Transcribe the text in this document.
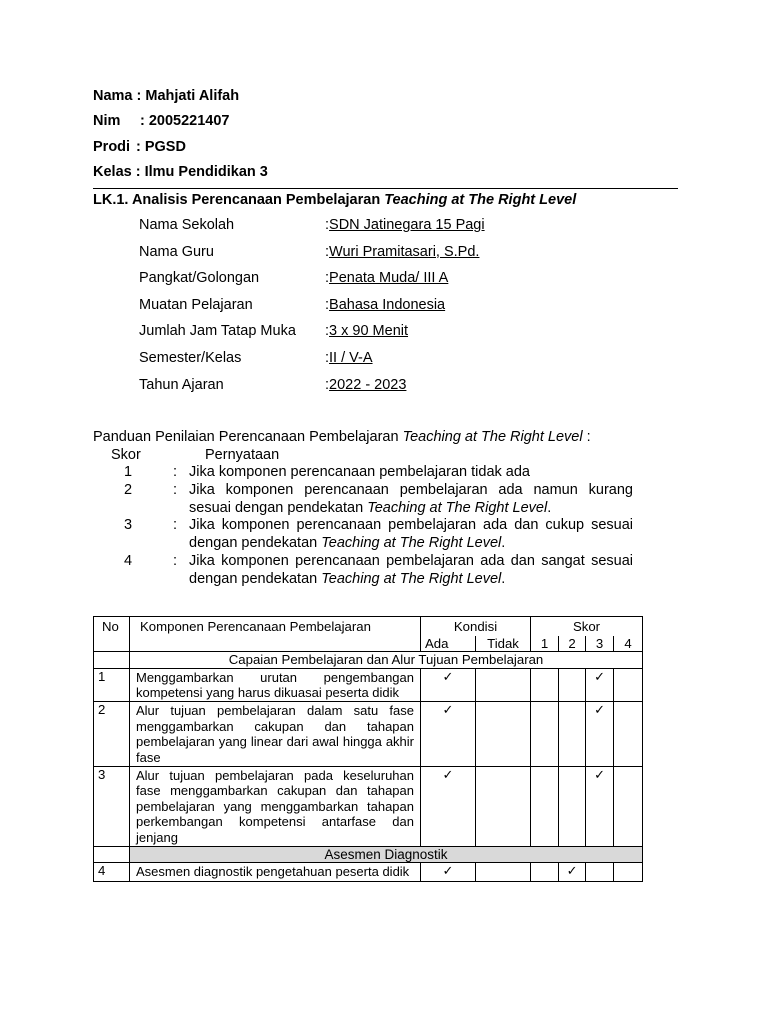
Nama
: Mahjati Alifah
Nim	: 2005221407
Prodi : PGSD
Kelas
: Ilmu Pendidikan 3
LK.1. Analisis Perencanaan Pembelajaran Teaching at The Right Level
Nama Sekolah	: SDN Jatinegara 15 Pagi
Nama Guru	: Wuri Pramitasari, S.Pd.
Pangkat/Golongan	: Penata Muda/ III A
Muatan Pelajaran	: Bahasa Indonesia
Jumlah Jam Tatap Muka	: 3 x 90 Menit
Semester/Kelas	: II / V-A
Tahun Ajaran	: 2022 - 2023
Panduan Penilaian Perencanaan Pembelajaran Teaching at The Right Level :
Skor	Pernyataan
1	: Jika komponen perencanaan pembelajaran tidak ada
2	: Jika komponen perencanaan pembelajaran ada namun kurang sesuai dengan pendekatan Teaching at The Right Level.
3	: Jika komponen perencanaan pembelajaran ada dan cukup sesuai dengan pendekatan Teaching at The Right Level.
4	: Jika komponen perencanaan pembelajaran ada dan sangat sesuai dengan pendekatan Teaching at The Right Level.
No	Komponen Perencanaan Pembelajaran	Kondisi		Skor			
		Ada	Tidak	1	2	3	4
	Capaian Pembelajaran dan Alur Tujuan Pembelajaran						
1	Menggambarkan urutan pengembangan kompetensi yang harus dikuasai peserta didik	✓				✓	
2	Alur tujuan pembelajaran dalam satu fase menggambarkan cakupan dan tahapan pembelajaran yang linear dari awal hingga akhir fase	✓				✓	
3	Alur tujuan pembelajaran pada keseluruhan fase menggambarkan cakupan dan tahapan pembelajaran yang menggambarkan tahapan perkembangan kompetensi antarfase dan jenjang	✓				✓	
	Asesmen Diagnostik						
4	Asesmen diagnostik pengetahuan peserta didik	✓			✓		
